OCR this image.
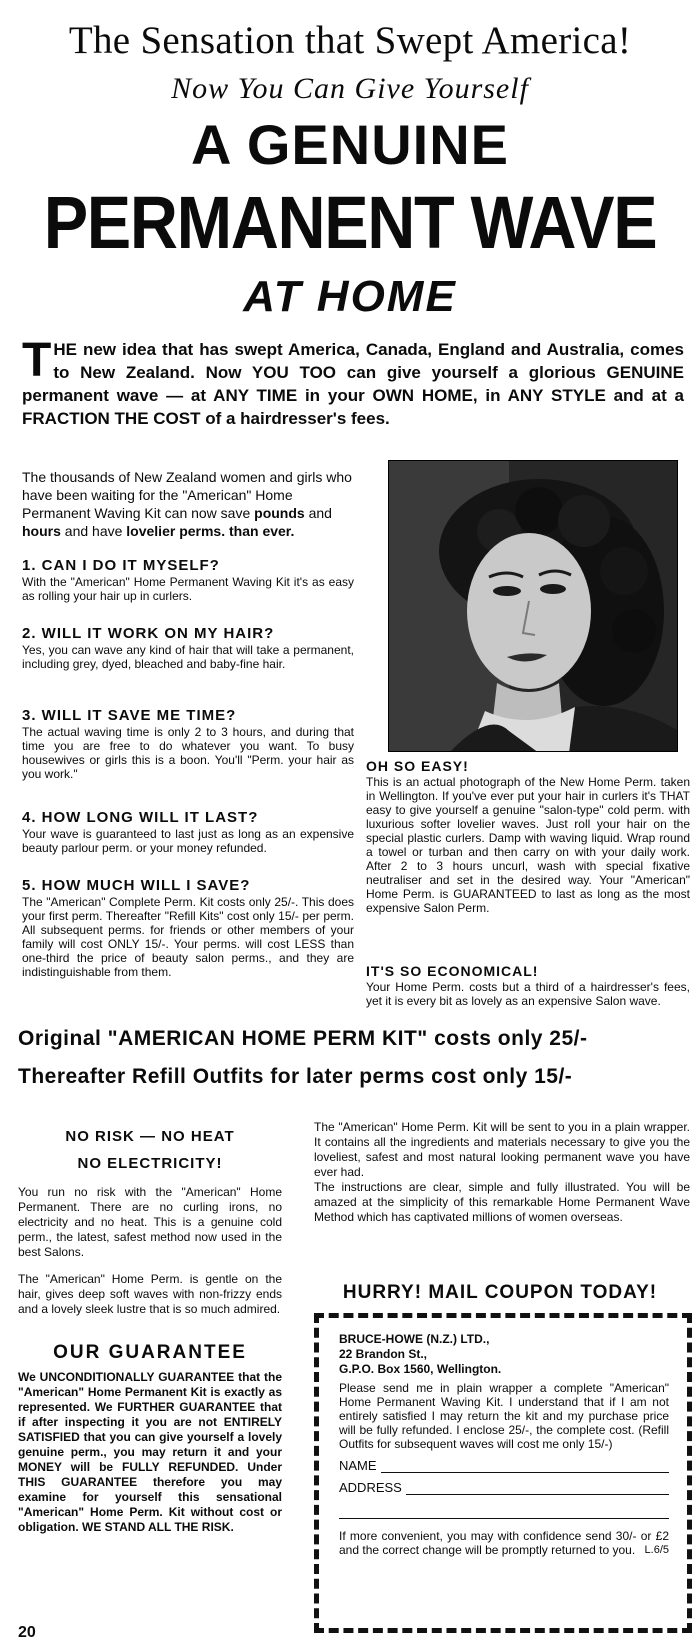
The Sensation that Swept America!
Now You Can Give Yourself
A GENUINE
PERMANENT WAVE
AT HOME
THE new idea that has swept America, Canada, England and Australia, comes to New Zealand. Now YOU TOO can give yourself a glorious GENUINE permanent wave — at ANY TIME in your OWN HOME, in ANY STYLE and at a FRACTION THE COST of a hairdresser's fees.
The thousands of New Zealand women and girls who have been waiting for the "American" Home Permanent Waving Kit can now save pounds and hours and have lovelier perms. than ever.
1. CAN I DO IT MYSELF?
With the "American" Home Permanent Waving Kit it's as easy as rolling your hair up in curlers.
2. WILL IT WORK ON MY HAIR?
Yes, you can wave any kind of hair that will take a permanent, including grey, dyed, bleached and baby-fine hair.
3. WILL IT SAVE ME TIME?
The actual waving time is only 2 to 3 hours, and during that time you are free to do whatever you want. To busy housewives or girls this is a boon. You'll "Perm. your hair as you work."
4. HOW LONG WILL IT LAST?
Your wave is guaranteed to last just as long as an expensive beauty parlour perm. or your money refunded.
5. HOW MUCH WILL I SAVE?
The "American" Complete Perm. Kit costs only 25/-. This does your first perm. Thereafter "Refill Kits" cost only 15/- per perm. All subsequent perms. for friends or other members of your family will cost ONLY 15/-. Your perms. will cost LESS than one-third the price of beauty salon perms., and they are indistinguishable from them.
OH SO EASY!
This is an actual photograph of the New Home Perm. taken in Wellington. If you've ever put your hair in curlers it's THAT easy to give yourself a genuine "salon-type" cold perm. with luxurious softer lovelier waves. Just roll your hair on the special plastic curlers. Damp with waving liquid. Wrap round a towel or turban and then carry on with your daily work. After 2 to 3 hours uncurl, wash with special fixative neutraliser and set in the desired way. Your "American" Home Perm. is GUARANTEED to last as long as the most expensive Salon Perm.
IT'S SO ECONOMICAL!
Your Home Perm. costs but a third of a hairdresser's fees, yet it is every bit as lovely as an expensive Salon wave.
Original "AMERICAN HOME PERM KIT" costs only 25/-
Thereafter Refill Outfits for later perms cost only 15/-
NO RISK — NO HEAT
NO ELECTRICITY!
You run no risk with the "American" Home Permanent. There are no curling irons, no electricity and no heat. This is a genuine cold perm., the latest, safest method now used in the best Salons.
The "American" Home Perm. is gentle on the hair, gives deep soft waves with non-frizzy ends and a lovely sleek lustre that is so much admired.
OUR GUARANTEE
We UNCONDITIONALLY GUARANTEE that the "American" Home Permanent Kit is exactly as represented. We FURTHER GUARANTEE that if after inspecting it you are not ENTIRELY SATISFIED that you can give yourself a lovely genuine perm., you may return it and your MONEY will be FULLY REFUNDED. Under THIS GUARANTEE therefore you may examine for yourself this sensational "American" Home Perm. Kit without cost or obligation. WE STAND ALL THE RISK.
The "American" Home Perm. Kit will be sent to you in a plain wrapper. It contains all the ingredients and materials necessary to give you the loveliest, safest and most natural looking permanent wave you have ever had.
The instructions are clear, simple and fully illustrated. You will be amazed at the simplicity of this remarkable Home Permanent Wave Method which has captivated millions of women overseas.
HURRY! MAIL COUPON TODAY!
BRUCE-HOWE (N.Z.) LTD.,
22 Brandon St.,
G.P.O. Box 1560, Wellington.
Please send me in plain wrapper a complete "American" Home Permanent Waving Kit. I understand that if I am not entirely satisfied I may return the kit and my purchase price will be fully refunded. I enclose 25/-, the complete cost. (Refill Outfits for subsequent waves will cost me only 15/-)
NAME
ADDRESS
If more convenient, you may with confidence send 30/- or £2 and the correct change will be promptly returned to you. L.6/5
20
